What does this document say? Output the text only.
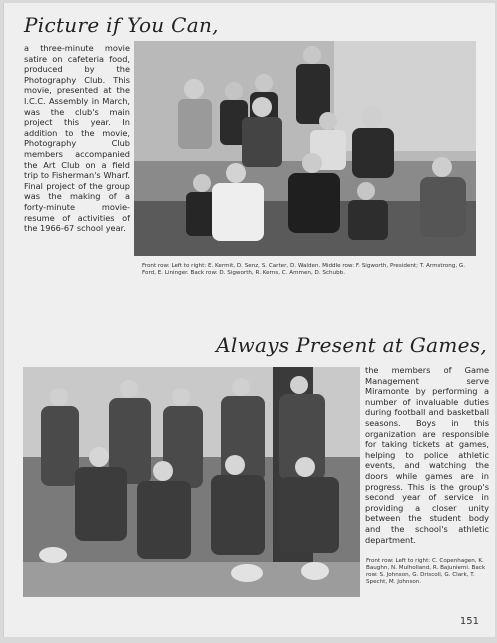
Picture if You Can,
a three-minute movie satire on cafeteria food, produced by the Photography Club. This movie, presented at the I.C.C. Assembly in March, was the club's main project this year. In addition to the movie, Photography Club members accompanied the Art Club on a field trip to Fisherman's Wharf. Final project of the group was the making of a forty-minute movie-resume of activities of the 1966-67 school year.
Front row: Left to right: E. Kermit, D. Senz, S. Carter, D. Walden. Middle row: F. Sigworth, President; T. Armstrong, G. Ford, E. Lininger. Back row: D. Sigworth, R. Kerns, C. Ammen, D. Schubb.
Always Present at Games,
the members of Game Management serve Miramonte by performing a number of invaluable duties during football and basketball seasons. Boys in this organization are responsible for taking tickets at games, helping to police athletic events, and watching the doors while games are in progress. This is the group's second year of service in providing a closer unity between the student body and the school's athletic department.
Front row: Left to right: C. Copenhagen, K. Baughn, N. Mulholland, R. Bajuniemi. Back row: S. Johnson, G. Driscoll, G. Clark, T. Specht, M. Johnson.
151
